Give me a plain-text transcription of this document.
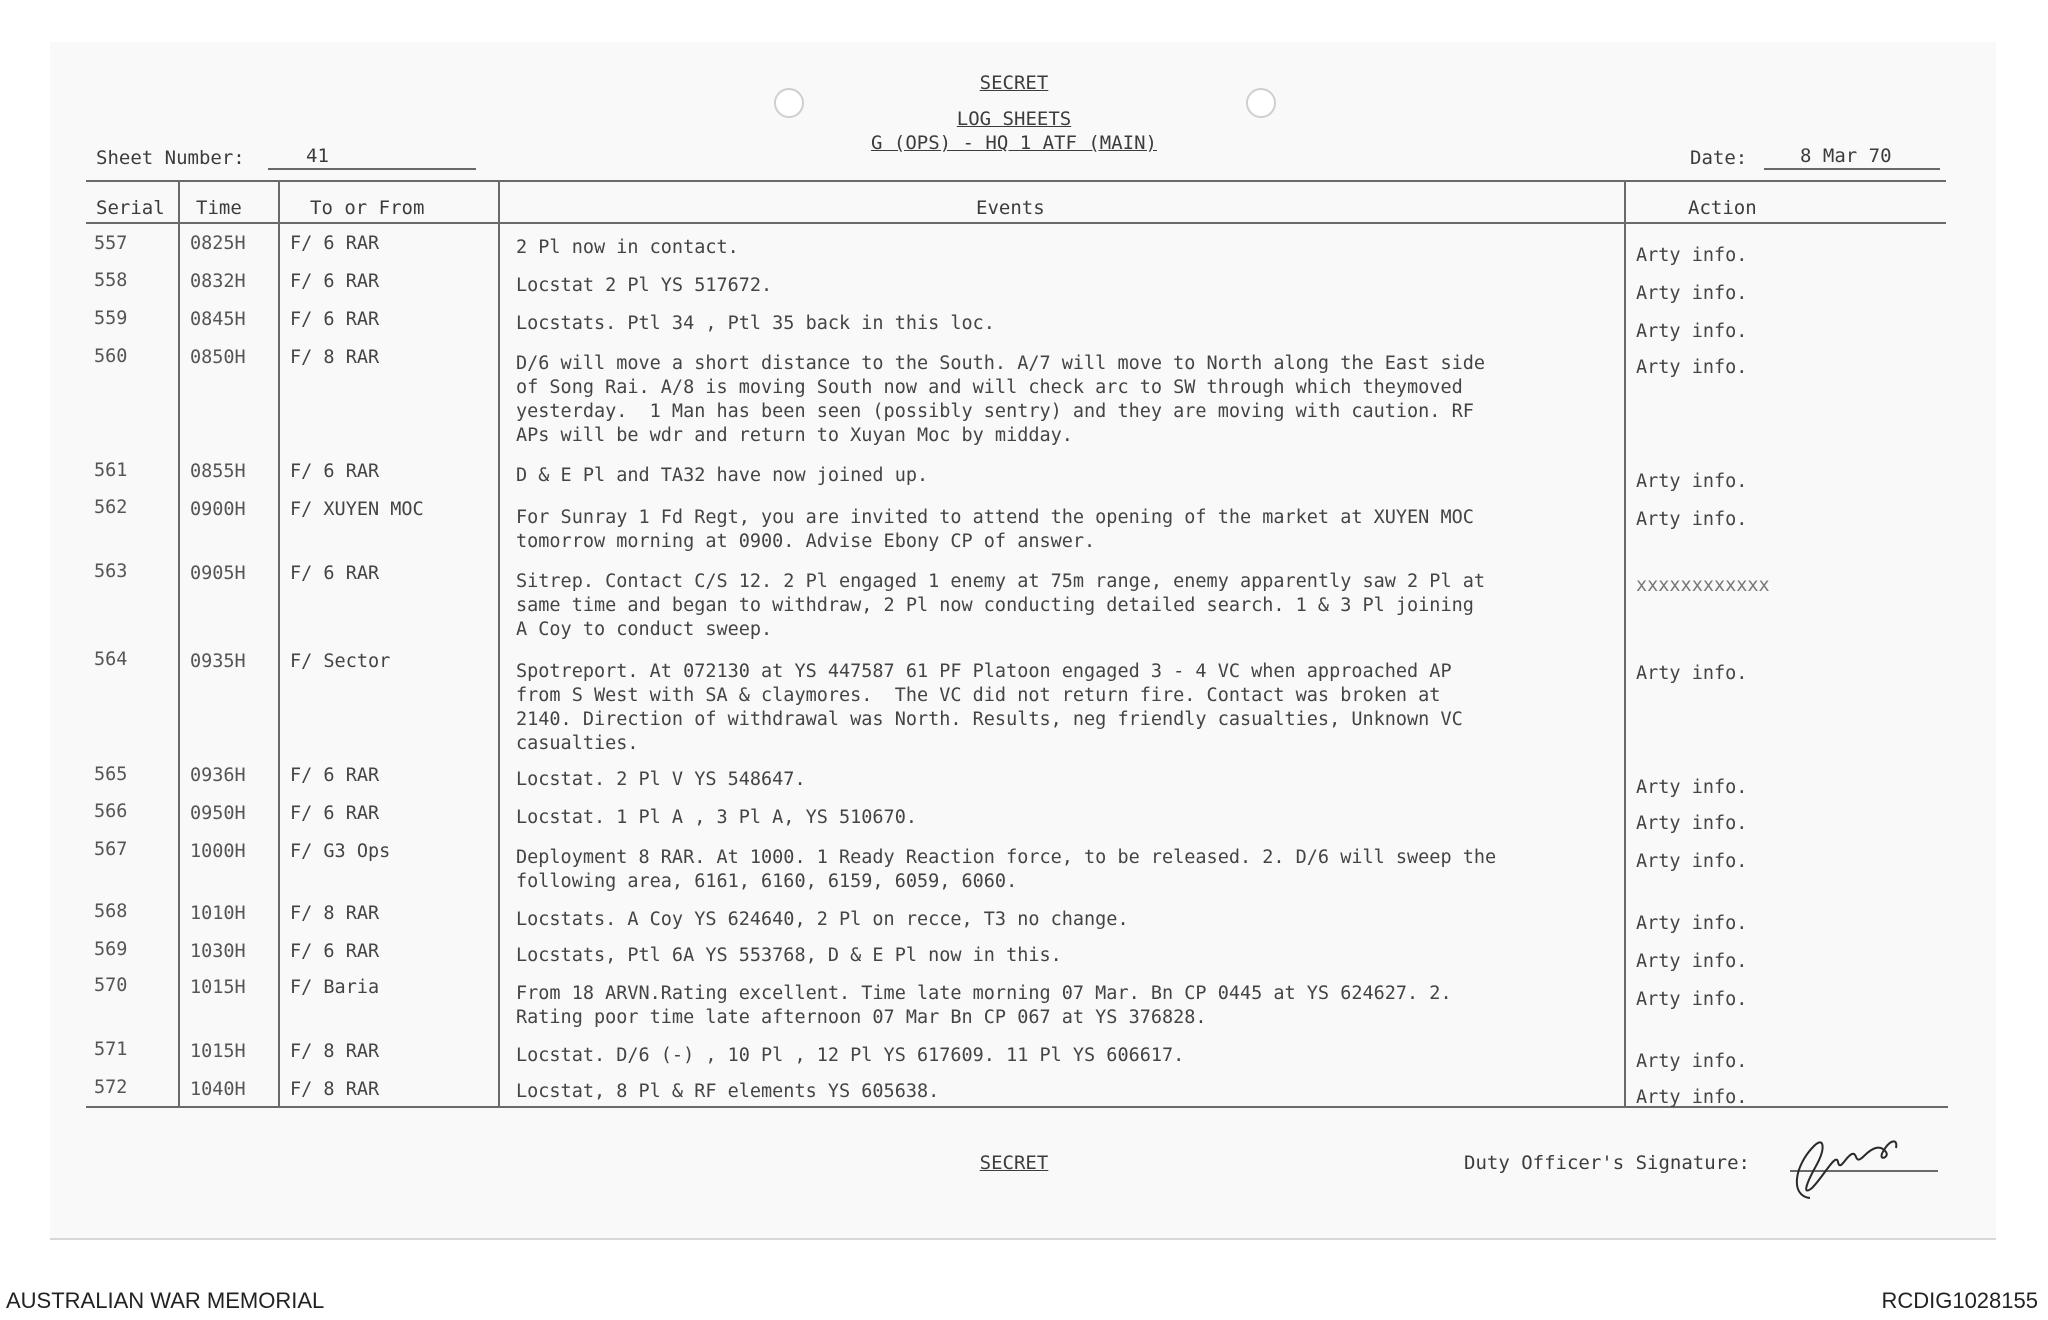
SECRET
LOG SHEETS
G (OPS) - HQ 1 ATF (MAIN)
Sheet Number:	41	Date:	8 Mar 70
Serial Time	To or From	Events	Action
557	0825H F/ 6 RAR	2 Pl now in contact.	Arty info.
558	0832H F/ 6 RAR	Locstat 2 Pl YS 517672.	Arty info.
559	0845H F/ 6 RAR	Locstats. Ptl 34 , Ptl 35 back in this loc.	Arty info.
560	0850H F/ 8 RAR	D/6 will move a short distance to the South. A/7 will move to North along the East side
of Song Rai. A/8 is moving South now and will check arc to SW through which theymoved
yesterday.  1 Man has been seen (possibly sentry) and they are moving with caution. RF
APs will be wdr and return to Xuyan Moc by midday.
Arty info.
561	0855H F/ 6 RAR	D & E Pl and TA32 have now joined up.	Arty info.
562	0900H F/ XUYEN MOC	For Sunray 1 Fd Regt, you are invited to attend the opening of the market at XUYEN MOC
tomorrow morning at 0900. Advise Ebony CP of answer.
Arty info.
563	0905H F/ 6 RAR	Sitrep. Contact C/S 12. 2 Pl engaged 1 enemy at 75m range, enemy apparently saw 2 Pl at
same time and began to withdraw, 2 Pl now conducting detailed search. 1 & 3 Pl joining
A Coy to conduct sweep.
xxxxxxxxxxxx
564	0935H F/ Sector	Spotreport. At 072130 at YS 447587 61 PF Platoon engaged 3 - 4 VC when approached AP
from S West with SA & claymores.  The VC did not return fire. Contact was broken at
2140. Direction of withdrawal was North. Results, neg friendly casualties, Unknown VC
casualties.
Arty info.
565	0936H F/ 6 RAR	Locstat. 2 Pl V YS 548647.	Arty info.
566	0950H F/ 6 RAR	Locstat. 1 Pl A , 3 Pl A, YS 510670.	Arty info.
567	1000H F/ G3 Ops	Deployment 8 RAR. At 1000. 1 Ready Reaction force, to be released. 2. D/6 will sweep the
following area, 6161, 6160, 6159, 6059, 6060.
Arty info.
568	1010H F/ 8 RAR	Locstats. A Coy YS 624640, 2 Pl on recce, T3 no change.	Arty info.
569	1030H F/ 6 RAR	Locstats, Ptl 6A YS 553768, D & E Pl now in this.	Arty info.
570	1015H F/ Baria	From 18 ARVN.Rating excellent. Time late morning 07 Mar. Bn CP 0445 at YS 624627. 2.
Rating poor time late afternoon 07 Mar Bn CP 067 at YS 376828.
Arty info.
571	1015H F/ 8 RAR	Locstat. D/6 (-) , 10 Pl , 12 Pl YS 617609. 11 Pl YS 606617.	Arty info.
572	1040H F/ 8 RAR	Locstat, 8 Pl & RF elements YS 605638.	Arty info.
SECRET	Duty Officer's Signature:
AUSTRALIAN WAR MEMORIAL	RCDIG1028155
